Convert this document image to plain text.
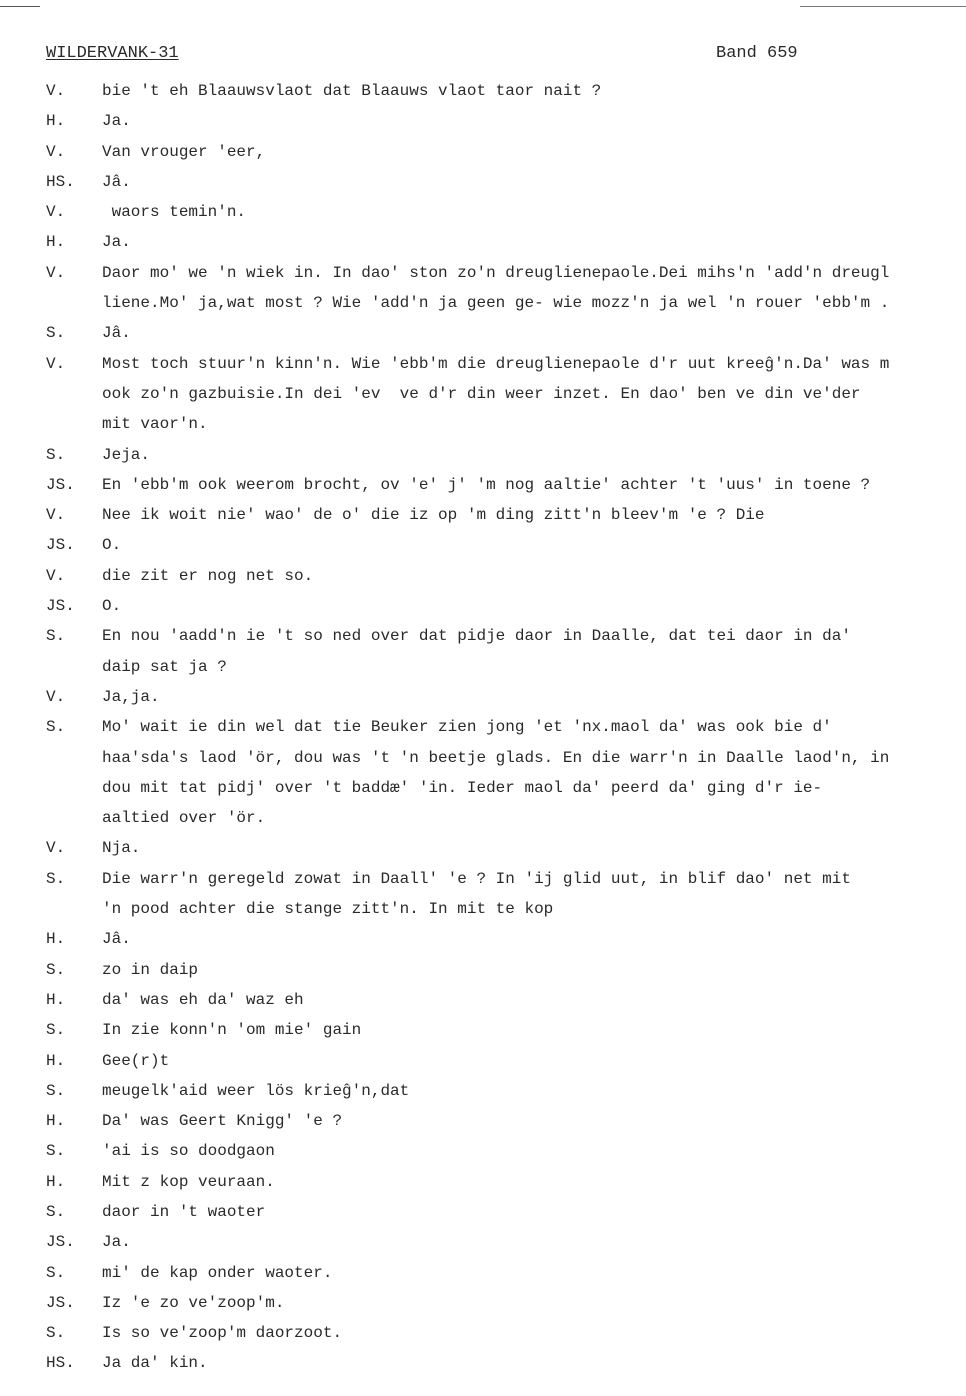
WILDERVANK-31	Band 659
V.	bie 't eh Blaauwsvlaot dat Blaauws vlaot taor nait ?
H.	Ja.
V.	Van vrouger 'eer,
HS.	Jâ.
V.	waors temin'n.
H.	Ja.
V.	Daor mo' we 'n wiek in. In dao' ston zo'n dreuglienepaole.Dei mihs'n 'add'n dreugl
liene.Mo' ja,wat most ? Wie 'add'n ja geen ge- wie mozz'n ja wel 'n rouer 'ebb'm .
S.	Jâ.
V.	Most toch stuur'n kinn'n. Wie 'ebb'm die dreuglienepaole d'r uut kreeĝ'n.Da' was m
ook zo'n gazbuisie.In dei 'ev  ve d'r din weer inzet. En dao' ben ve din ve'der
mit vaor'n.
S.	Jeja.
JS.	En 'ebb'm ook weerom brocht, ov 'e' j' 'm nog aaltie' achter 't 'uus' in toene ?
V.	Nee ik woit nie' wao' de o' die iz op 'm ding zitt'n bleev'm 'e ? Die
JS.	O.
V.	die zit er nog net so.
JS.	O.
S.	En nou 'aadd'n ie 't so ned over dat pidje daor in Daalle, dat tei daor in da'
daip sat ja ?
V.	Ja,ja.
S.	Mo' wait ie din wel dat tie Beuker zien jong 'et 'nx.maol da' was ook bie d'
haa'sda's laod 'ör, dou was 't 'n beetje glads. En die warr'n in Daalle laod'n, in
dou mit tat pidj' over 't baddæ' 'in. Ieder maol da' peerd da' ging d'r ie-
aaltied over 'ör.
V.	Nja.
S.	Die warr'n geregeld zowat in Daall' 'e ? In 'ij glid uut, in blif dao' net mit
'n pood achter die stange zitt'n. In mit te kop
H.	Jâ.
S.	zo in daip
H.	da' was eh da' waz eh
S.	In zie konn'n 'om mie' gain
H.	Gee(r)t
S.	meugelk'aid weer lös krieĝ'n,dat
H.	Da' was Geert Knigg' 'e ?
S.	'ai is so doodgaon
H.	Mit z kop veuraan.
S.	daor in 't waoter
JS.	Ja.
S.	mi' de kap onder waoter.
JS.	Iz 'e zo ve'zoop'm.
S.	Is so ve'zoop'm daorzoot.
HS.	Ja da' kin.
